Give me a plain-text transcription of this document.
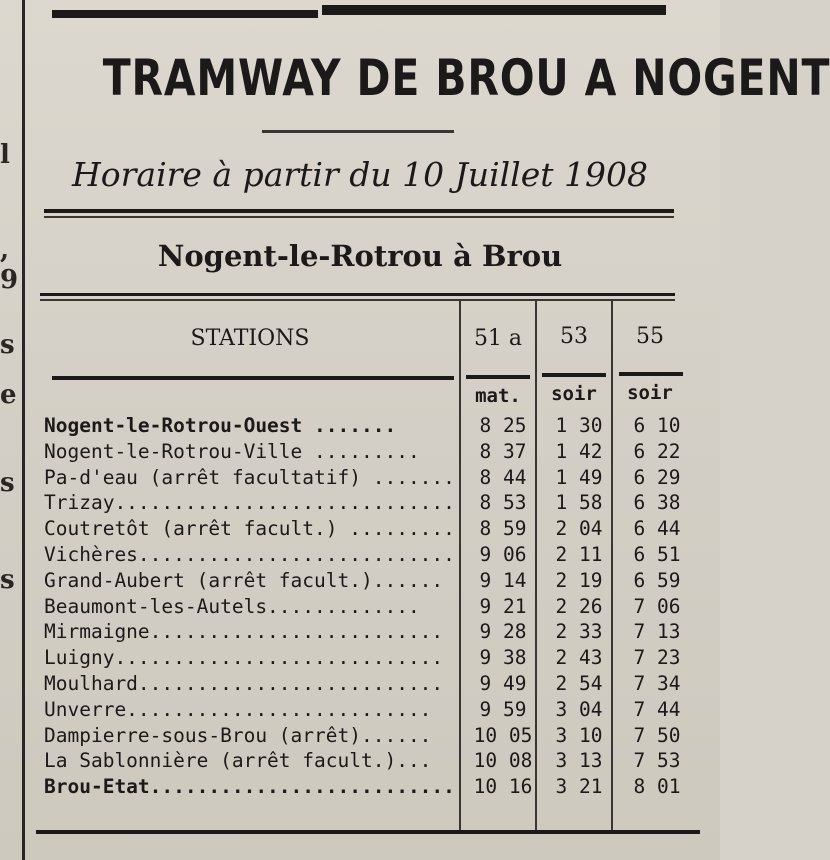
l
,
9
s
e
s
s
TRAMWAY DE BROU A NOGENT
Horaire à partir du 10 Juillet 1908
Nogent-le-Rotrou à Brou
STATIONS	51 a	53	55
mat.	soir	soir
Nogent-le-Rotrou-Ouest .......	8 25	1 30	6 10
Nogent-le-Rotrou-Ville .........	8 37	1 42	6 22
Pa-d'eau (arrêt facultatif) .......	8 44	1 49	6 29
Trizay.............................	8 53	1 58	6 38
Coutretôt (arrêt facult.) .........	8 59	2 04	6 44
Vichères...........................	9 06	2 11	6 51
Grand-Aubert (arrêt facult.)......	9 14	2 19	6 59
Beaumont-les-Autels.............	9 21	2 26	7 06
Mirmaigne.........................	9 28	2 33	7 13
Luigny............................	9 38	2 43	7 23
Moulhard..........................	9 49	2 54	7 34
Unverre..........................	9 59	3 04	7 44
Dampierre-sous-Brou (arrêt)......	10 05	3 10	7 50
La Sablonnière (arrêt facult.)...	10 08	3 13	7 53
Brou-Etat.......................... 10 16	3 21	8 01
